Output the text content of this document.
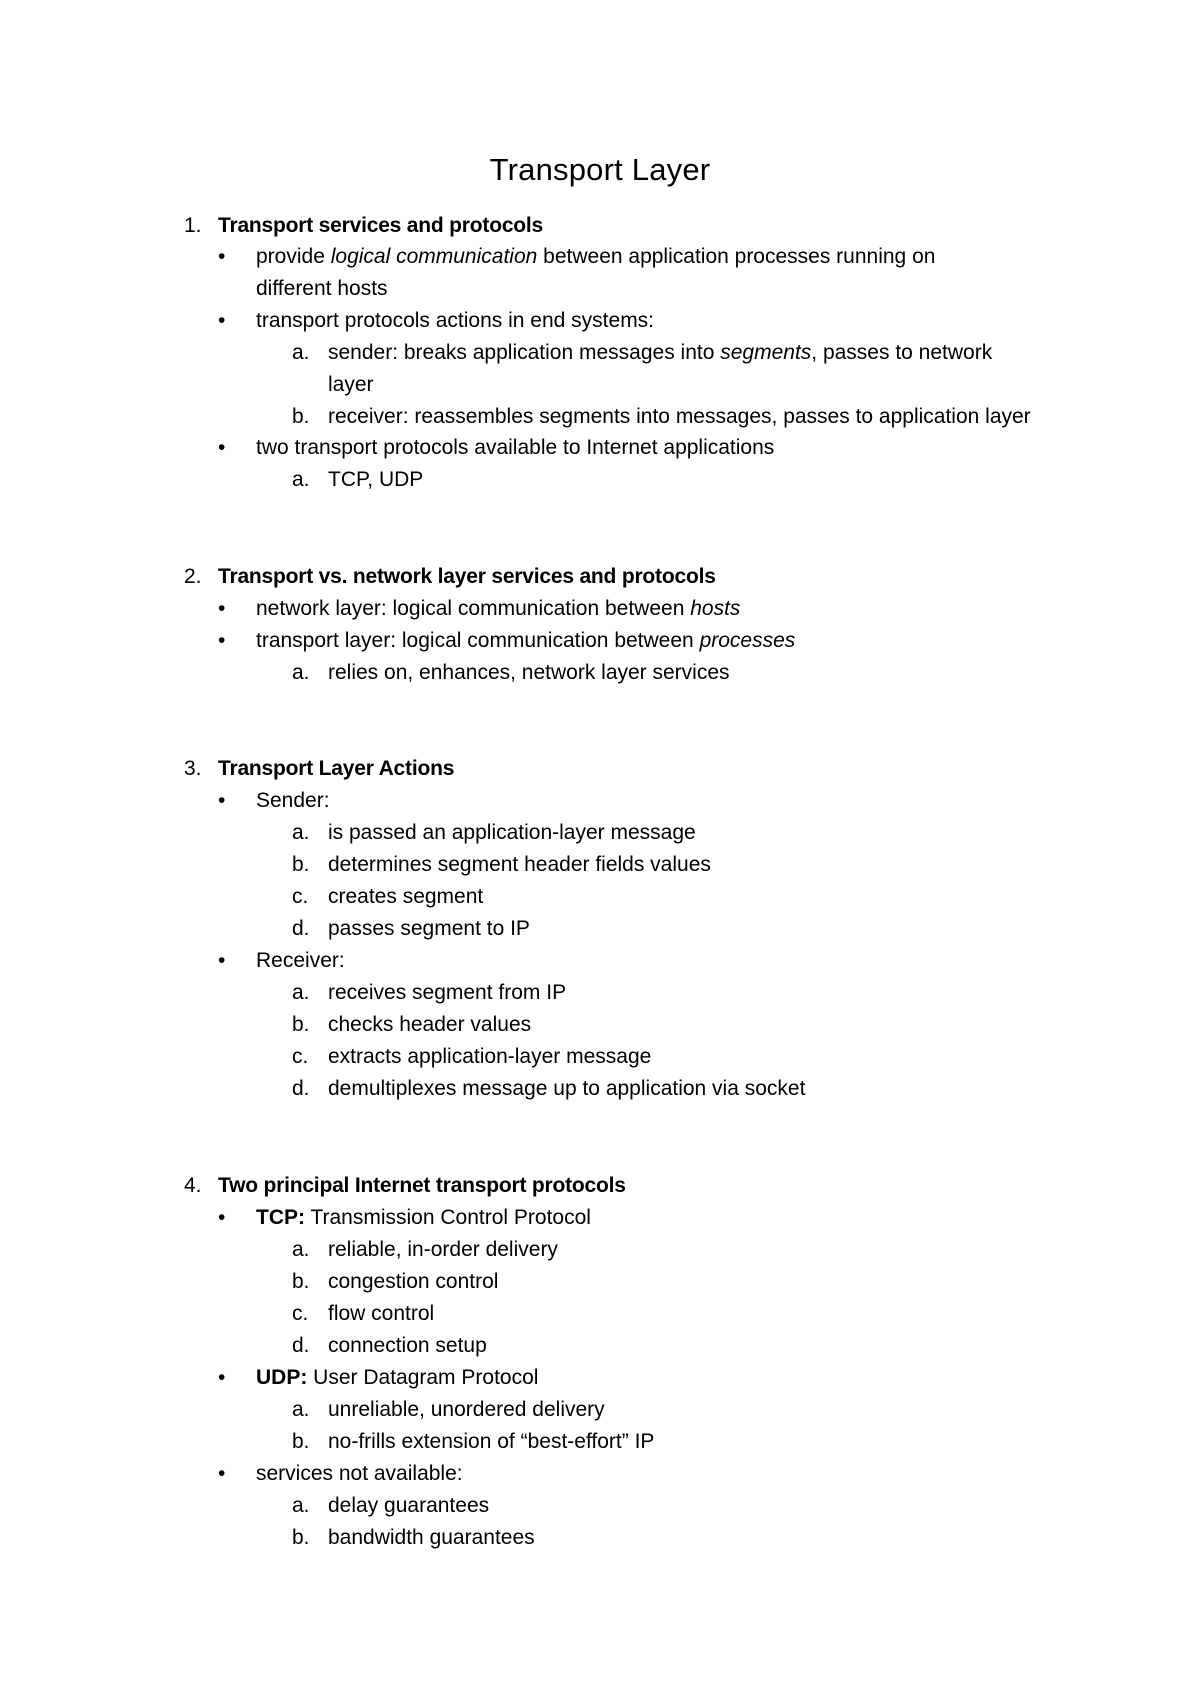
Transport Layer
1. Transport services and protocols
• provide logical communication between application processes running on

different hosts

• transport protocols actions in end systems:

a. sender: breaks application messages into segments, passes to network

layer

b. receiver: reassembles segments into messages, passes to application layer

• two transport protocols available to Internet applications

a. TCP, UDP

2. Transport vs. network layer services and protocols
• network layer: logical communication between hosts

• transport layer: logical communication between processes

a. relies on, enhances, network layer services

3. Transport Layer Actions
• Sender:

a. is passed an application-layer message

b. determines segment header fields values

c. creates segment

d. passes segment to IP

• Receiver:

a. receives segment from IP

b. checks header values

c. extracts application-layer message

d. demultiplexes message up to application via socket

4. Two principal Internet transport protocols
• TCP: Transmission Control Protocol

a. reliable, in-order delivery

b. congestion control

c. flow control

d. connection setup

• UDP: User Datagram Protocol

a. unreliable, unordered delivery

b. no-frills extension of “best-effort” IP

• services not available:

a. delay guarantees

b. bandwidth guarantees
